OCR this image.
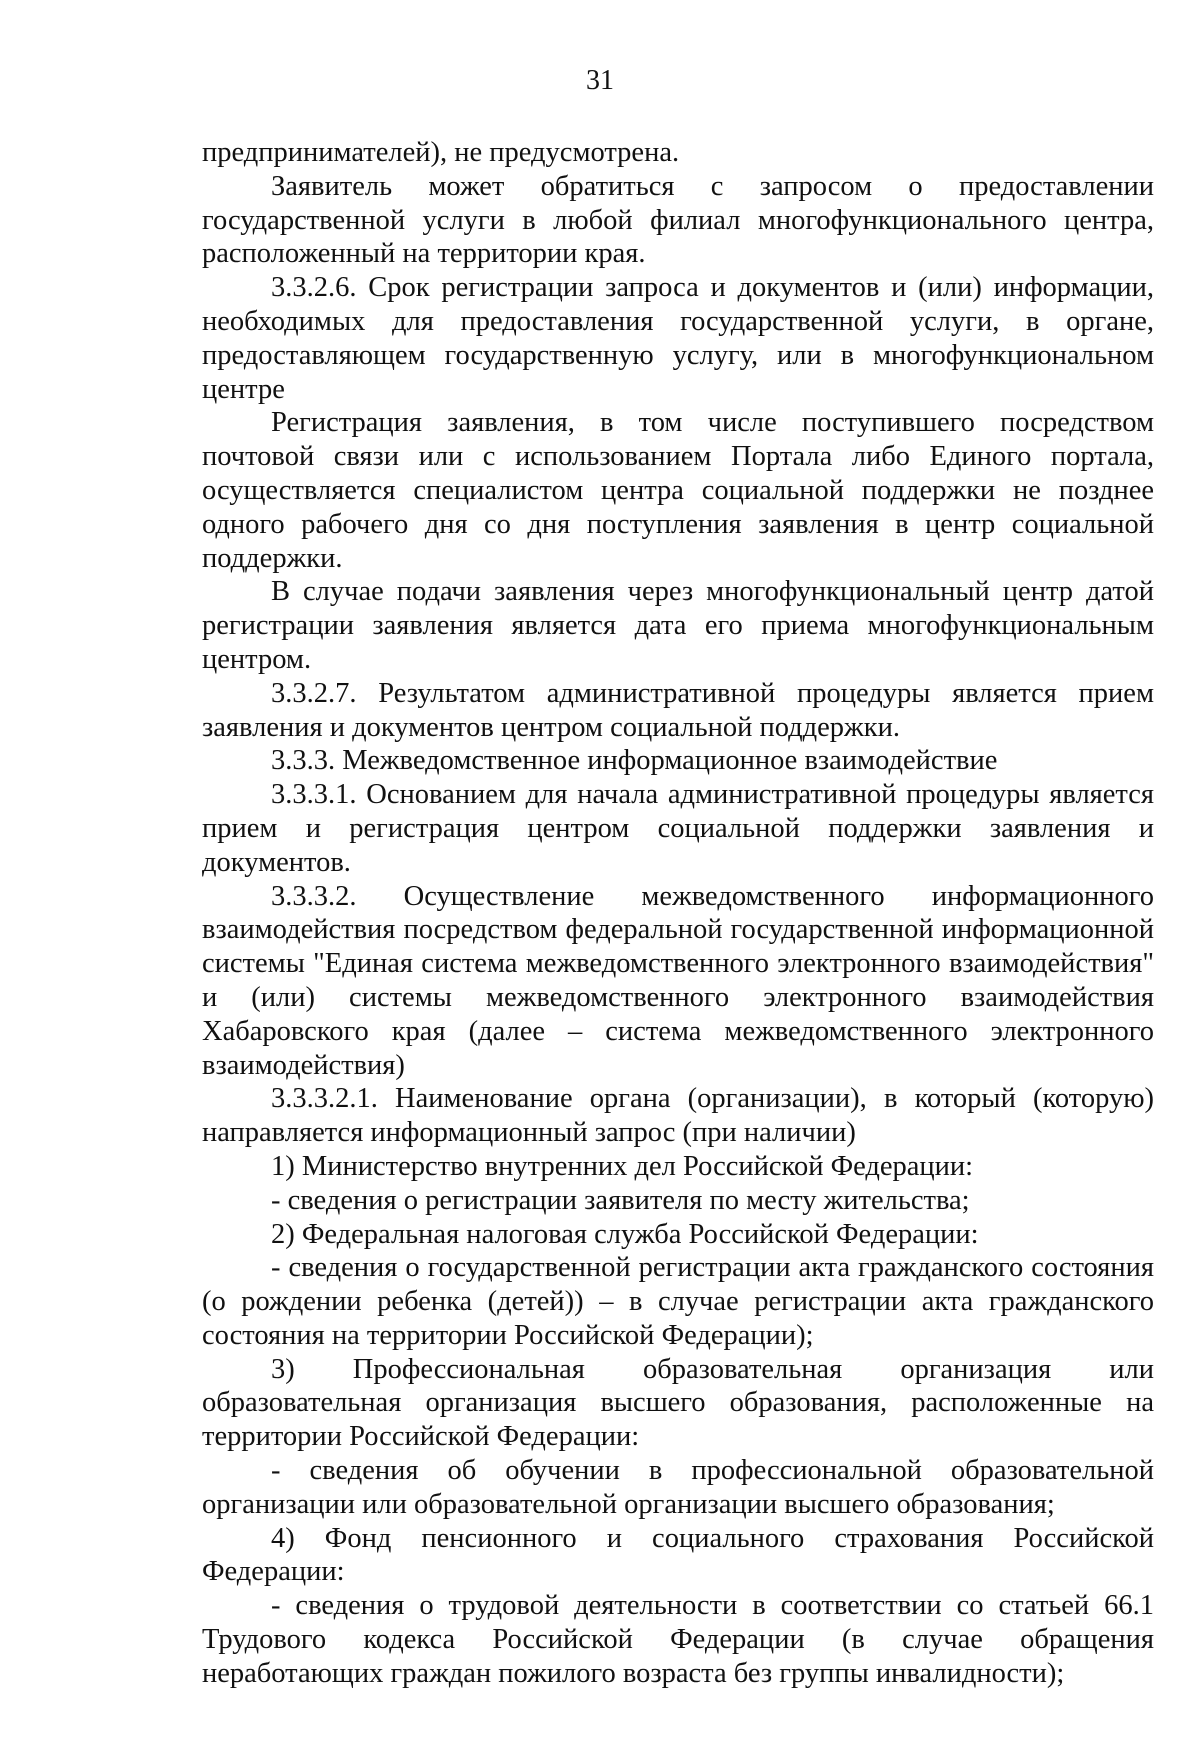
31

предпринимателей), не предусмотрена.

Заявитель может обратиться с запросом о предоставлении государственной услуги в любой филиал многофункционального центра, расположенный на территории края.

3.3.2.6. Срок регистрации запроса и документов и (или) информации, необходимых для предоставления государственной услуги, в органе, предоставляющем государственную услугу, или в многофункциональном центре

Регистрация заявления, в том числе поступившего посредством почтовой связи или с использованием Портала либо Единого портала, осуществляется специалистом центра социальной поддержки не позднее одного рабочего дня со дня поступления заявления в центр социальной поддержки.

В случае подачи заявления через многофункциональный центр датой регистрации заявления является дата его приема многофункциональным центром.

3.3.2.7. Результатом административной процедуры является прием заявления и документов центром социальной поддержки.

3.3.3. Межведомственное информационное взаимодействие

3.3.3.1. Основанием для начала административной процедуры является прием и регистрация центром социальной поддержки заявления и документов.

3.3.3.2. Осуществление межведомственного информационного взаимодействия посредством федеральной государственной информационной системы "Единая система межведомственного электронного взаимодействия" и (или) системы межведомственного электронного взаимодействия Хабаровского края (далее – система межведомственного электронного взаимодействия)

3.3.3.2.1. Наименование органа (организации), в который (которую) направляется информационный запрос (при наличии)

1) Министерство внутренних дел Российской Федерации:

- сведения о регистрации заявителя по месту жительства;

2) Федеральная налоговая служба Российской Федерации:

- сведения о государственной регистрации акта гражданского состояния (о рождении ребенка (детей)) – в случае регистрации акта гражданского состояния на территории Российской Федерации);

3) Профессиональная образовательная организация или образовательная организация высшего образования, расположенные на территории Российской Федерации:

- сведения об обучении в профессиональной образовательной организации или образовательной организации высшего образования;

4) Фонд пенсионного и социального страхования Российской Федерации:

- сведения о трудовой деятельности в соответствии со статьей 66.1 Трудового кодекса Российской Федерации (в случае обращения неработающих граждан пожилого возраста без группы инвалидности);
